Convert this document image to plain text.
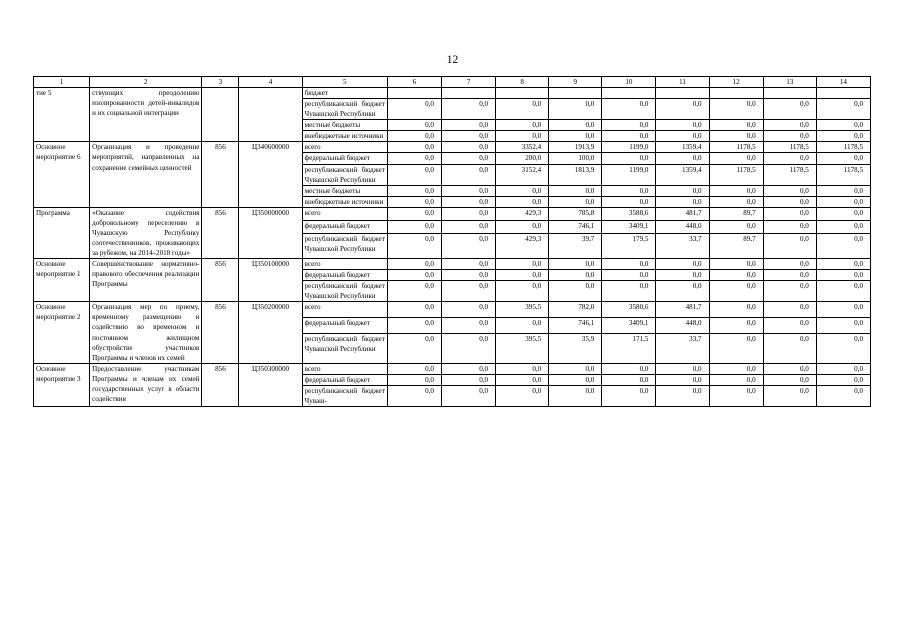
12
1	2	3	4	5	6	7	8	9	10	11	12	13	14
тие 5	ствующих преодолению изолированности детей-инвалидов и их социальной интеграции			бюджет									
				республиканский бюджет Чувашской Республики	0,0	0,0	0,0	0,0	0,0	0,0	0,0	0,0	0,0
				местные бюджеты	0,0	0,0	0,0	0,0	0,0	0,0	0,0	0,0	0,0
				внебюджетные источники	0,0	0,0	0,0	0,0	0,0	0,0	0,0	0,0	0,0
Основное мероприятие 6	Организация и проведение мероприятий, направленных на сохранение семейных ценностей	856	Ц340600000	всего	0,0	0,0	3352,4	1913,9	1199,0	1359,4	1178,5	1178,5	1178,5
				федеральный бюджет	0,0	0,0	200,0	100,0	0,0	0,0	0,0	0,0	0,0
				республиканский бюджет Чувашской Республики	0,0	0,0	3152,4	1813,9	1199,0	1359,4	1178,5	1178,5	1178,5
				местные бюджеты	0,0	0,0	0,0	0,0	0,0	0,0	0,0	0,0	0,0
				внебюджетные источники	0,0	0,0	0,0	0,0	0,0	0,0	0,0	0,0	0,0
Программа	«Оказание содействия добровольному переселению в Чувашскую Республику соотечественников, проживающих за рубежом, на 2014–2018 годы»	856	Ц350000000	всего	0,0	0,0	429,3	785,8	3588,6	481,7	89,7	0,0	0,0
				федеральный бюджет	0,0	0,0	0,0	746,1	3409,1	448,0	0,0	0,0	0,0
				республиканский бюджет Чувашской Республики	0,0	0,0	429,3	39,7	179,5	33,7	89,7	0,0	0,0
Основное мероприятие 1	Совершенствование нормативно-правового обеспечения реализации Программы	856	Ц350100000	всего	0,0	0,0	0,0	0,0	0,0	0,0	0,0	0,0	0,0
				федеральный бюджет	0,0	0,0	0,0	0,0	0,0	0,0	0,0	0,0	0,0
				республиканский бюджет Чувашской Республики	0,0	0,0	0,0	0,0	0,0	0,0	0,0	0,0	0,0
Основное мероприятие 2	Организация мер по приему, временному размещению и содействию во временном и постоянном жилищном обустройстве участников Программы и членов их семей	856	Ц350200000	всего	0,0	0,0	395,5	782,0	3580,6	481,7	0,0	0,0	0,0
				федеральный бюджет	0,0	0,0	0,0	746,1	3409,1	448,0	0,0	0,0	0,0
				республиканский бюджет Чувашской Республики	0,0	0,0	395,5	35,9	171,5	33,7	0,0	0,0	0,0
Основное мероприятие 3	Предоставление участникам Программы и членам их семей государственных услуг в области содействия	856	Ц350300000	всего	0,0	0,0	0,0	0,0	0,0	0,0	0,0	0,0	0,0
				федеральный бюджет	0,0	0,0	0,0	0,0	0,0	0,0	0,0	0,0	0,0
				республиканский бюджет Чуваш-	0,0	0,0	0,0	0,0	0,0	0,0	0,0	0,0	0,0
